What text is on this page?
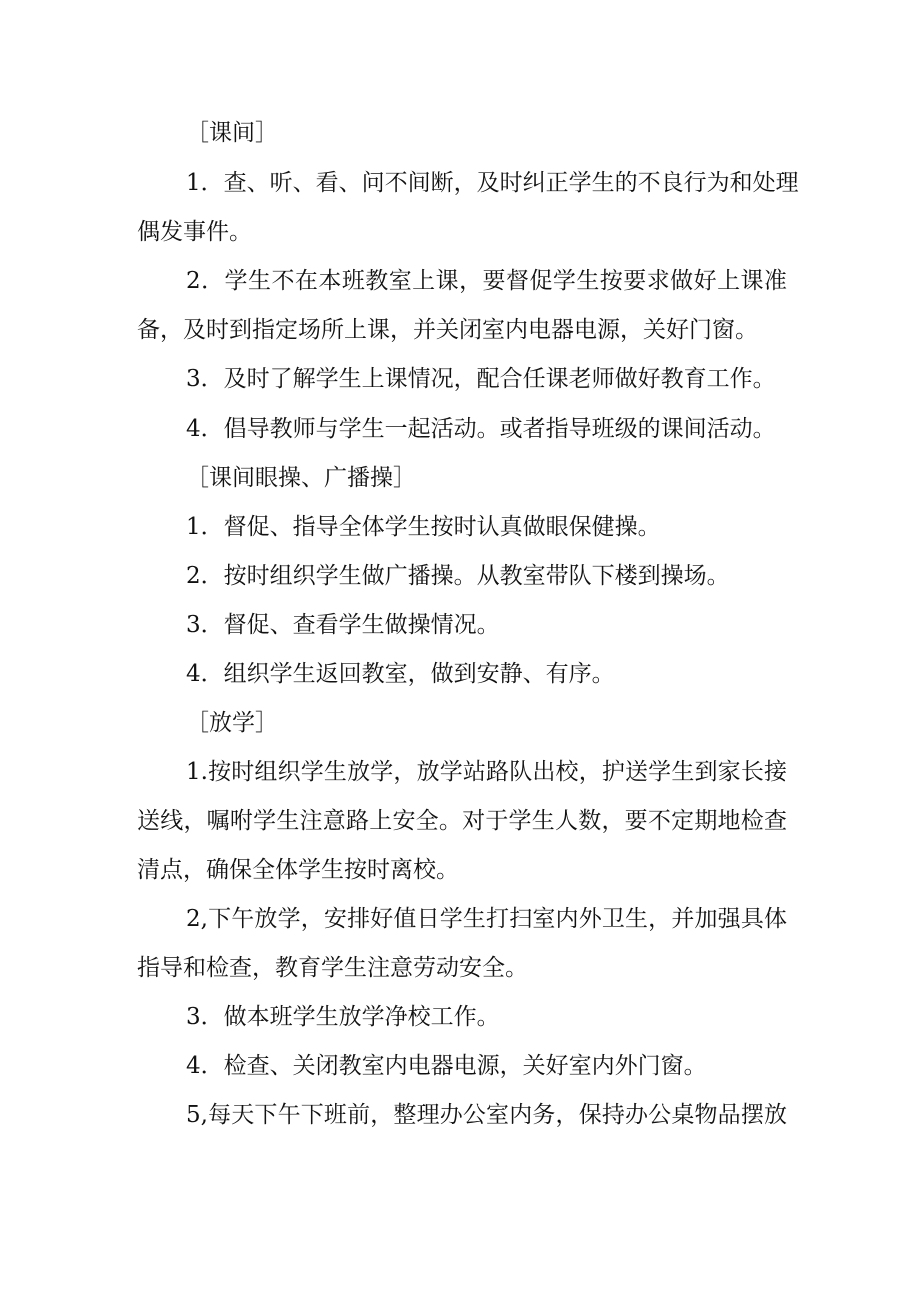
［课间］
1．查、听、看、问不间断，及时纠正学生的不良行为和处理
偶发事件。
2．学生不在本班教室上课，要督促学生按要求做好上课准
备，及时到指定场所上课，并关闭室内电器电源，关好门窗。
3．及时了解学生上课情况，配合任课老师做好教育工作。
4．倡导教师与学生一起活动。或者指导班级的课间活动。
［课间眼操、广播操］
1．督促、指导全体学生按时认真做眼保健操。
2．按时组织学生做广播操。从教室带队下楼到操场。
3．督促、查看学生做操情况。
4．组织学生返回教室，做到安静、有序。
［放学］
1.按时组织学生放学，放学站路队出校，护送学生到家长接
送线，嘱咐学生注意路上安全。对于学生人数，要不定期地检查
清点，确保全体学生按时离校。
2,下午放学，安排好值日学生打扫室内外卫生，并加强具体
指导和检查，教育学生注意劳动安全。
3．做本班学生放学净校工作。
4．检查、关闭教室内电器电源，关好室内外门窗。
5,每天下午下班前，整理办公室内务，保持办公桌物品摆放
